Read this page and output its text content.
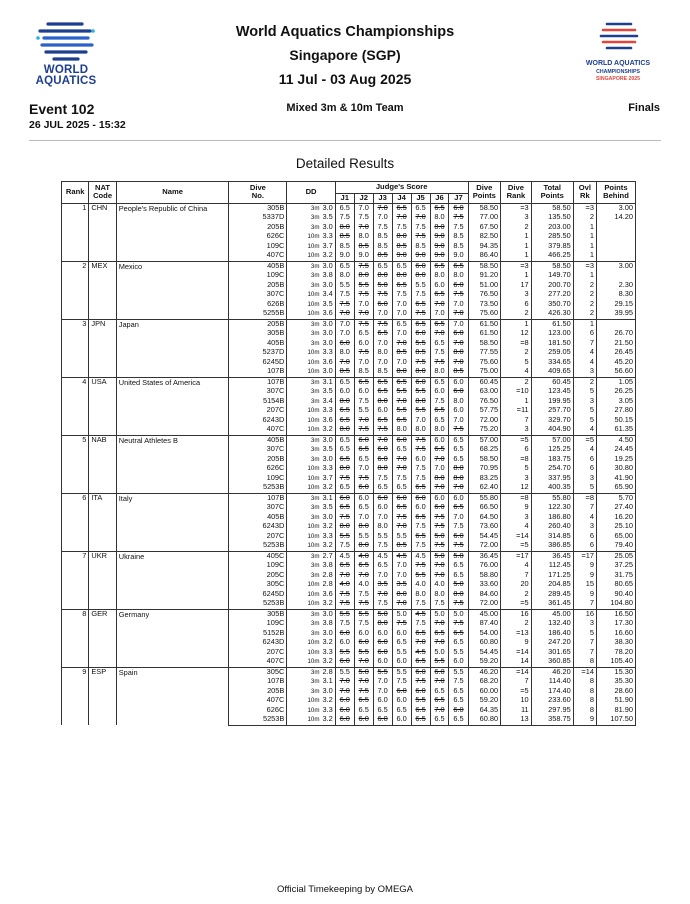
WORLD
AQUATICS
WORLD AQUATICS
CHAMPIONSHIPS
SINGAPORE 2025
World Aquatics Championships
Singapore (SGP)
11 Jul - 03 Aug 2025
Event 102
26 JUL 2025 - 15:32
Mixed 3m & 10m Team	Finals
Detailed Results
Rank	NAT
Code	Name	Dive
No.	DD	Judge's Score							Dive
Points	Dive
Rank	Total
Points	Ovl
Rk	Points
Behind
					J1	J2	J3	J4	J5	J6	J7					
1	CHN	People's Republic of China	305B	3m 3.0	6.5	7.0	7.0	6.5	6.5	6.5	6.0	58.50	=3	58.50	=3	3.00
			5337D	3m 3.5	7.5	7.5	7.0	7.0	7.0	8.0	7.5	77.00	3	135.50	2	14.20
			205B	3m 3.0	8.0	7.0	7.5	7.5	7.5	8.0	7.5	67.50	2	203.00	1	
			626C	10m 3.3	8.5	8.0	8.5	8.0	7.5	9.0	8.5	82.50	1	285.50	1	
			109C	10m 3.7	8.5	8.5	8.5	8.5	8.5	9.0	8.5	94.35	1	379.85	1	
			407C	10m 3.2	9.0	9.0	8.5	9.0	9.0	9.0	9.0	86.40	1	466.25	1	
2	MEX	Mexico	405B	3m 3.0	6.5	7.5	6.5	6.5	6.0	6.5	6.5	58.50	=3	58.50	=3	3.00
			109C	3m 3.8	8.0	8.0	8.0	8.0	8.0	8.0	8.0	91.20	1	149.70	1	
			205B	3m 3.0	5.5	5.5	5.0	6.5	5.5	6.0	6.0	51.00	17	200.70	2	2.30
			307C	10m 3.4	7.5	7.5	7.5	7.5	7.5	6.5	7.5	76.50	3	277.20	2	8.30
			626B	10m 3.5	7.5	7.0	6.0	7.0	6.5	7.0	7.0	73.50	6	350.70	2	29.15
			5255B	10m 3.6	7.0	7.0	7.0	7.0	7.5	7.0	7.0	75.60	2	426.30	2	39.95
3	JPN	Japan	205B	3m 3.0	7.0	7.5	7.5	6.5	6.5	6.5	7.0	61.50	1	61.50	1	
			305B	3m 3.0	7.0	6.5	6.5	7.0	6.0	7.0	6.0	61.50	12	123.00	6	26.70
			405B	3m 3.0	6.0	6.0	7.0	7.0	5.5	6.5	7.0	58.50	=8	181.50	7	21.50
			5237D	10m 3.3	8.0	7.5	8.0	8.5	8.5	7.5	8.0	77.55	2	259.05	4	26.45
			6245D	10m 3.6	7.0	7.0	7.0	7.0	7.5	7.5	7.0	75.60	5	334.65	4	45.20
			107B	10m 3.0	8.5	8.5	8.5	8.0	8.0	8.0	8.5	75.00	4	409.65	3	56.60
4	USA	United States of America	107B	3m 3.1	6.5	6.5	6.5	6.5	6.0	6.5	6.0	60.45	2	60.45	2	1.05
			307C	3m 3.5	6.0	6.0	6.5	5.5	5.5	6.0	6.0	63.00	=10	123.45	5	26.25
			5154B	3m 3.4	8.0	7.5	8.0	7.0	8.0	7.5	8.0	76.50	1	199.95	3	3.05
			207C	10m 3.3	6.5	5.5	6.0	5.5	5.5	6.5	6.0	57.75	=11	257.70	5	27.80
			6243D	10m 3.6	6.5	7.0	6.5	6.5	7.0	6.5	7.0	72.00	7	329.70	5	50.15
			407C	10m 3.2	8.0	7.5	7.5	8.0	8.0	8.0	7.5	75.20	3	404.90	4	61.35
5	NAB	Neutral Athletes B	405B	3m 3.0	6.5	6.0	7.0	6.0	7.5	6.0	6.5	57.00	=5	57.00	=5	4.50
			307C	3m 3.5	6.5	6.5	6.0	6.5	7.5	6.5	6.5	68.25	6	125.25	4	24.45
			205B	3m 3.0	6.5	6.5	6.0	7.0	6.0	7.0	6.5	58.50	=8	183.75	6	19.25
			626C	10m 3.3	8.0	7.0	8.0	7.0	7.5	7.0	8.0	70.95	5	254.70	6	30.80
			109C	10m 3.7	7.5	7.5	7.5	7.5	7.5	8.0	8.0	83.25	3	337.95	3	41.90
			5253B	10m 3.2	6.5	6.0	6.5	6.5	6.5	7.0	7.0	62.40	12	400.35	5	65.90
6	ITA	Italy	107B	3m 3.1	6.0	6.0	6.0	6.0	6.0	6.0	6.0	55.80	=8	55.80	=8	5.70
			307C	3m 3.5	6.5	6.5	6.0	6.5	6.0	6.0	6.5	66.50	9	122.30	7	27.40
			405B	3m 3.0	7.5	7.0	7.0	7.5	6.5	7.5	7.0	64.50	3	186.80	4	16.20
			6243D	10m 3.2	8.0	8.0	8.0	7.0	7.5	7.5	7.5	73.60	4	260.40	3	25.10
			207C	10m 3.3	5.5	5.5	5.5	5.5	6.5	5.0	6.0	54.45	=14	314.85	6	65.00
			5253B	10m 3.2	7.5	8.0	7.5	8.5	7.5	7.5	7.5	72.00	=5	386.85	6	79.40
7	UKR	Ukraine	405C	3m 2.7	4.5	4.0	4.5	4.5	4.5	5.0	5.0	36.45	=17	36.45	=17	25.05
			109C	3m 3.8	6.5	6.5	6.5	7.0	7.5	7.0	6.5	76.00	4	112.45	9	37.25
			205C	3m 2.8	7.0	7.0	7.0	7.0	5.5	7.0	6.5	58.80	7	171.25	9	31.75
			305C	10m 2.8	4.0	4.0	3.5	3.5	4.0	4.0	5.0	33.60	20	204.85	15	80.65
			6245D	10m 3.6	7.5	7.5	7.0	8.0	8.0	8.0	8.0	84.60	2	289.45	9	90.40
			5253B	10m 3.2	7.5	7.5	7.5	7.0	7.5	7.5	7.5	72.00	=5	361.45	7	104.80
8	GER	Germany	305B	3m 3.0	5.5	5.5	5.0	5.0	4.5	5.0	5.0	45.00	16	45.00	16	16.50
			109C	3m 3.8	7.5	7.5	8.0	7.5	7.5	7.0	7.5	87.40	2	132.40	3	17.30
			5152B	3m 3.0	6.0	6.0	6.0	6.0	6.5	6.5	6.5	54.00	=13	186.40	5	16.60
			6243D	10m 3.2	6.0	6.0	6.0	6.5	7.0	7.0	6.5	60.80	9	247.20	7	38.30
			207C	10m 3.3	5.5	5.5	6.0	5.5	4.5	5.0	5.5	54.45	=14	301.65	7	78.20
			407C	10m 3.2	6.0	7.0	6.0	6.0	6.5	5.5	6.0	59.20	14	360.85	8	105.40
9	ESP	Spain	305C	3m 2.8	5.5	5.0	5.5	5.5	6.0	6.0	5.5	46.20	=14	46.20	=14	15.30
			107B	3m 3.1	7.0	7.0	7.0	7.5	7.5	7.0	7.5	68.20	7	114.40	8	35.30
			205B	3m 3.0	7.0	7.5	7.0	6.0	6.0	6.5	6.5	60.00	=5	174.40	8	28.60
			407C	10m 3.2	6.0	6.5	6.0	6.0	5.5	6.5	6.5	59.20	10	233.60	8	51.90
			626C	10m 3.3	6.0	6.5	6.5	6.5	6.5	7.0	6.0	64.35	11	297.95	8	81.90
			5253B	10m 3.2	6.0	6.0	6.0	6.0	6.5	6.5	6.5	60.80	13	358.75	9	107.50
Official Timekeeping by OMEGA
